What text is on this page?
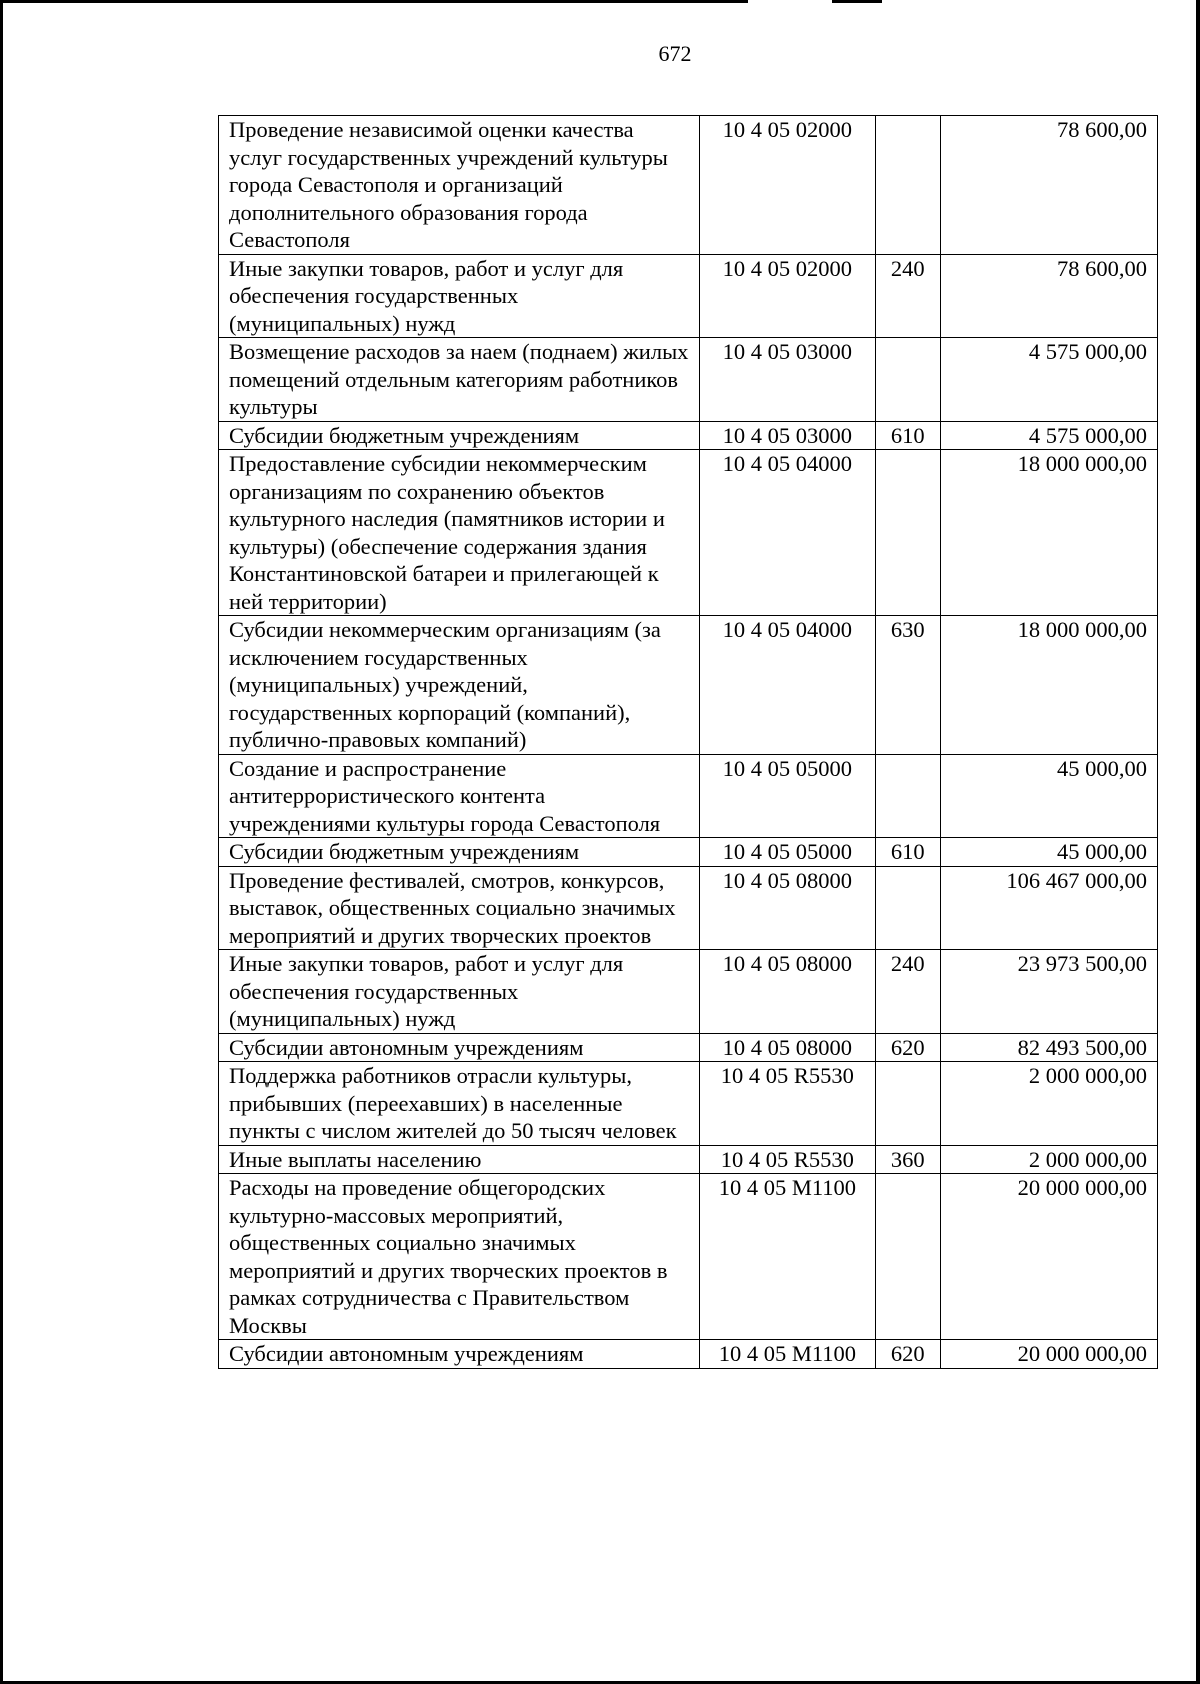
672
Проведение независимой оценки качества услуг государственных учреждений культуры города Севастополя и организаций дополнительного образования города Севастополя	10 4 05 02000		78 600,00
Иные закупки товаров, работ и услуг для обеспечения государственных (муниципальных) нужд	10 4 05 02000	240	78 600,00
Возмещение расходов за наем (поднаем) жилых помещений отдельным категориям работников культуры	10 4 05 03000		4 575 000,00
Субсидии бюджетным учреждениям	10 4 05 03000	610	4 575 000,00
Предоставление субсидии некоммерческим организациям по сохранению объектов культурного наследия (памятников истории и культуры) (обеспечение содержания здания Константиновской батареи и прилегающей к ней территории)	10 4 05 04000		18 000 000,00
Субсидии некоммерческим организациям (за исключением государственных (муниципальных) учреждений, государственных корпораций (компаний), публично-правовых компаний)	10 4 05 04000	630	18 000 000,00
Создание и распространение антитеррористического контента учреждениями культуры города Севастополя	10 4 05 05000		45 000,00
Субсидии бюджетным учреждениям	10 4 05 05000	610	45 000,00
Проведение фестивалей, смотров, конкурсов, выставок, общественных социально значимых мероприятий и других творческих проектов	10 4 05 08000		106 467 000,00
Иные закупки товаров, работ и услуг для обеспечения государственных (муниципальных) нужд	10 4 05 08000	240	23 973 500,00
Субсидии автономным учреждениям	10 4 05 08000	620	82 493 500,00
Поддержка работников отрасли культуры, прибывших (переехавших) в населенные пункты с числом жителей до 50 тысяч человек	10 4 05 R5530		2 000 000,00
Иные выплаты населению	10 4 05 R5530	360	2 000 000,00
Расходы на проведение общегородских культурно-массовых мероприятий, общественных социально значимых мероприятий и других творческих проектов в рамках сотрудничества с Правительством Москвы	10 4 05 M1100		20 000 000,00
Субсидии автономным учреждениям	10 4 05 M1100	620	20 000 000,00
